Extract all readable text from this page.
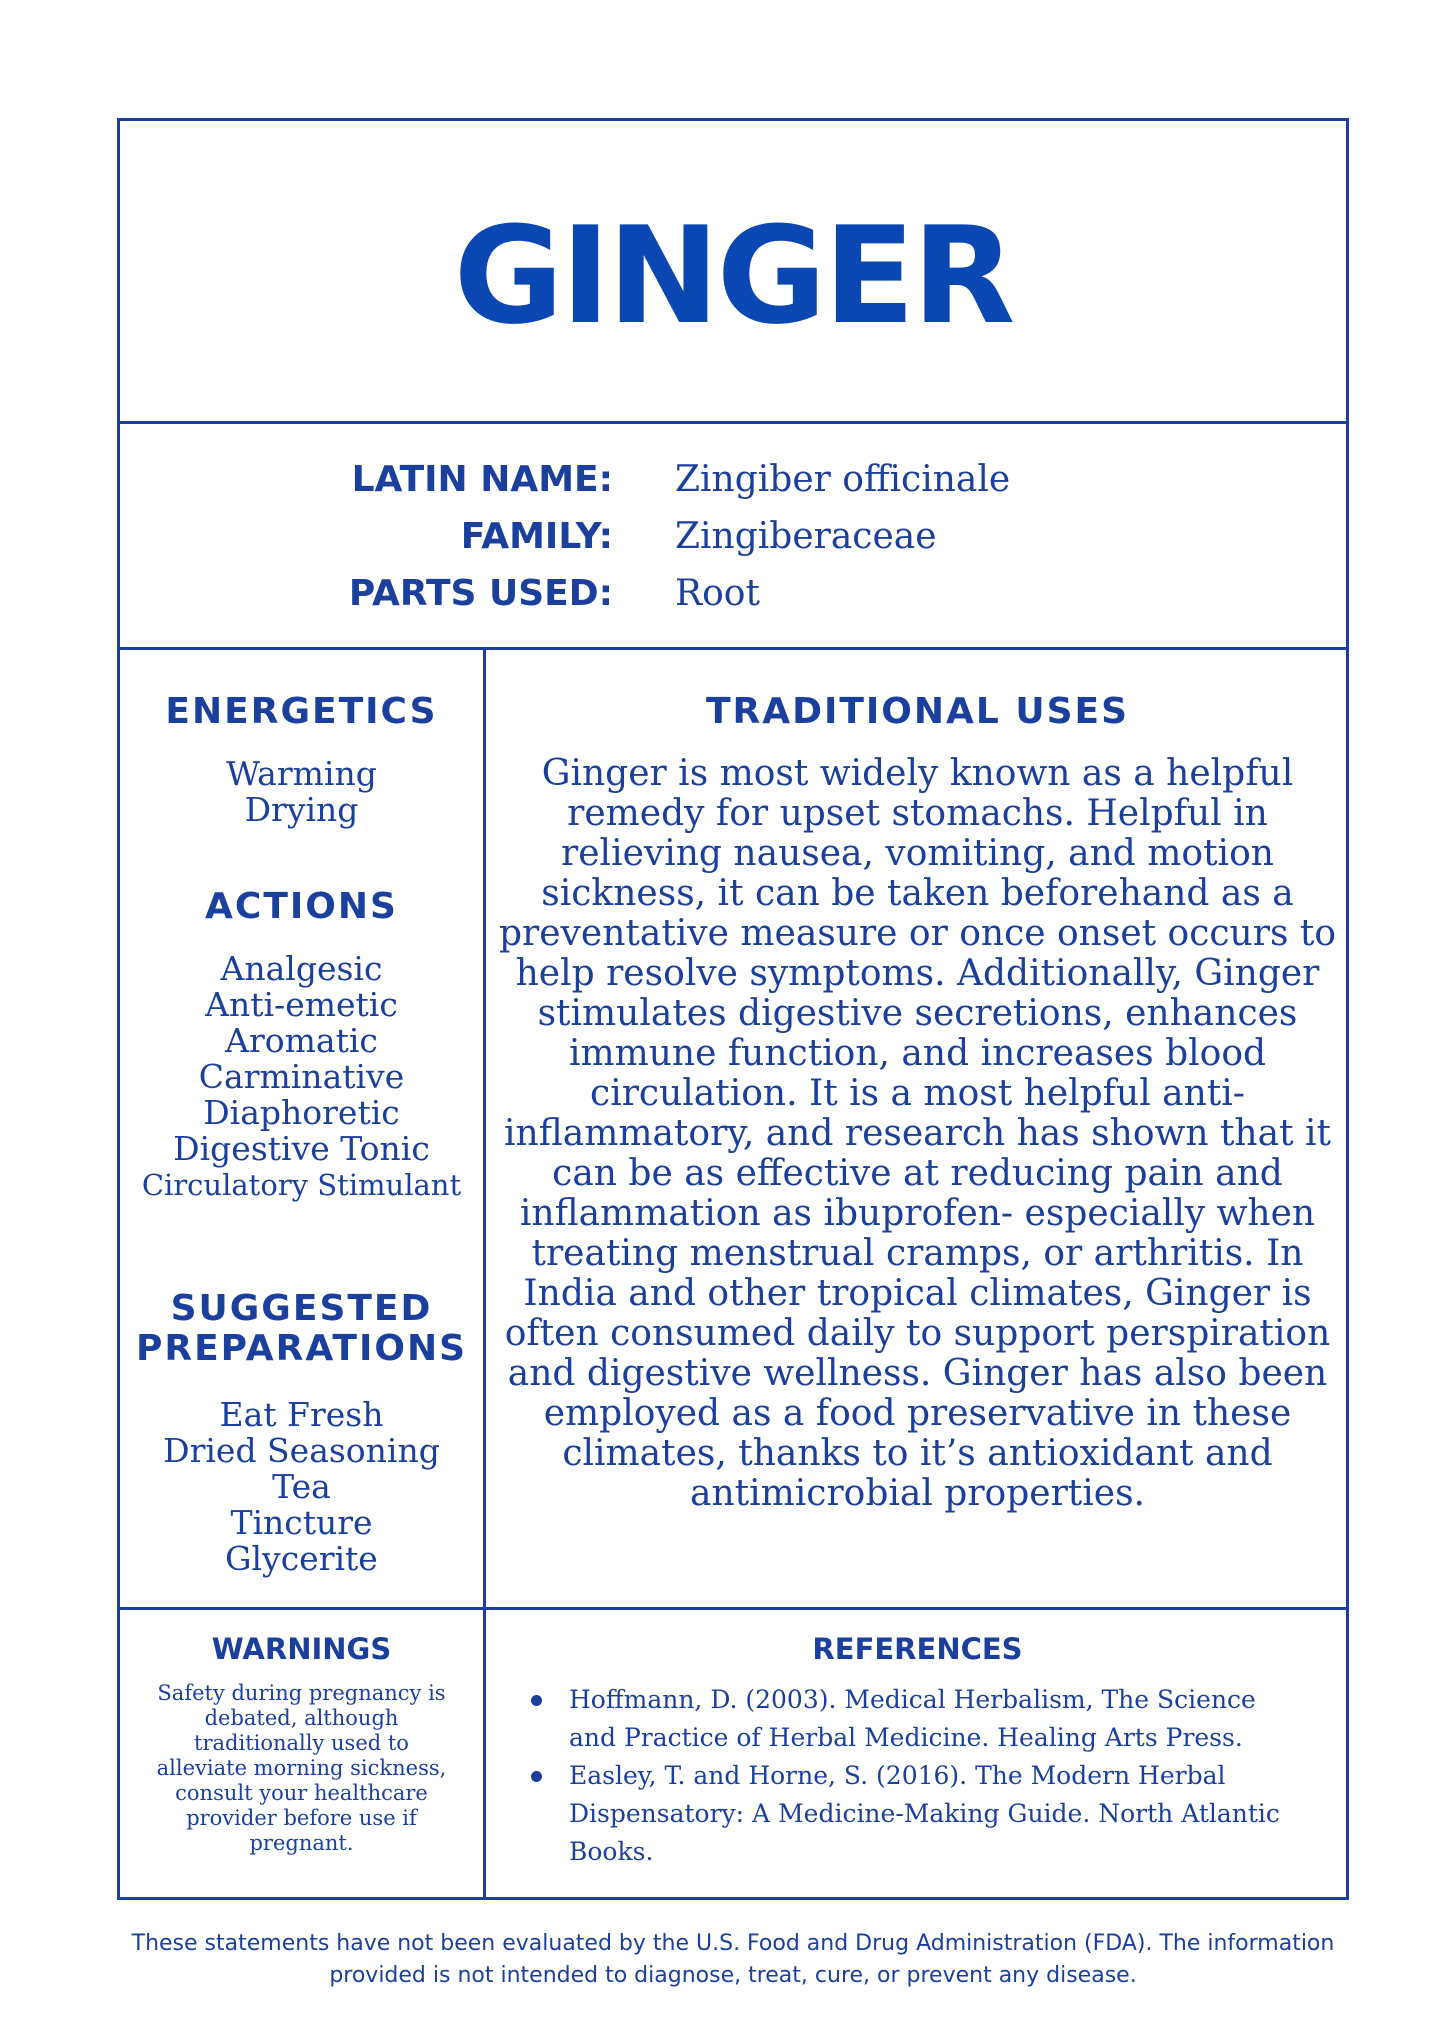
GINGER
LATIN NAME: Zingiber officinale
FAMILY: Zingiberaceae
PARTS USED: Root
ENERGETICS
Warming
Drying
ACTIONS
Analgesic
Anti-emetic
Aromatic
Carminative
Diaphoretic
Digestive Tonic
Circulatory Stimulant
SUGGESTED
PREPARATIONS
Eat Fresh
Dried Seasoning
Tea
Tincture
Glycerite
TRADITIONAL USES

Ginger is most widely known as a helpful remedy for upset stomachs. Helpful in relieving nausea, vomiting, and motion sickness, it can be taken beforehand as a preventative measure or once onset occurs to help resolve symptoms. Additionally, Ginger stimulates digestive secretions, enhances immune function, and increases blood circulation. It is a most helpful anti-inflammatory, and research has shown that it can be as effective at reducing pain and inflammation as ibuprofen- especially when treating menstrual cramps, or arthritis. In India and other tropical climates, Ginger is often consumed daily to support perspiration and digestive wellness. Ginger has also been employed as a food preservative in these climates, thanks to it’s antioxidant and antimicrobial properties.

WARNINGS
Safety during pregnancy is debated, although traditionally used to alleviate morning sickness, consult your healthcare provider before use if pregnant.
REFERENCES
Hoffmann, D. (2003). Medical Herbalism, The Science and Practice of Herbal Medicine. Healing Arts Press.
Easley, T. and Horne, S. (2016). The Modern Herbal Dispensatory: A Medicine-Making Guide. North Atlantic Books.
These statements have not been evaluated by the U.S. Food and Drug Administration (FDA). The information provided is not intended to diagnose, treat, cure, or prevent any disease.
